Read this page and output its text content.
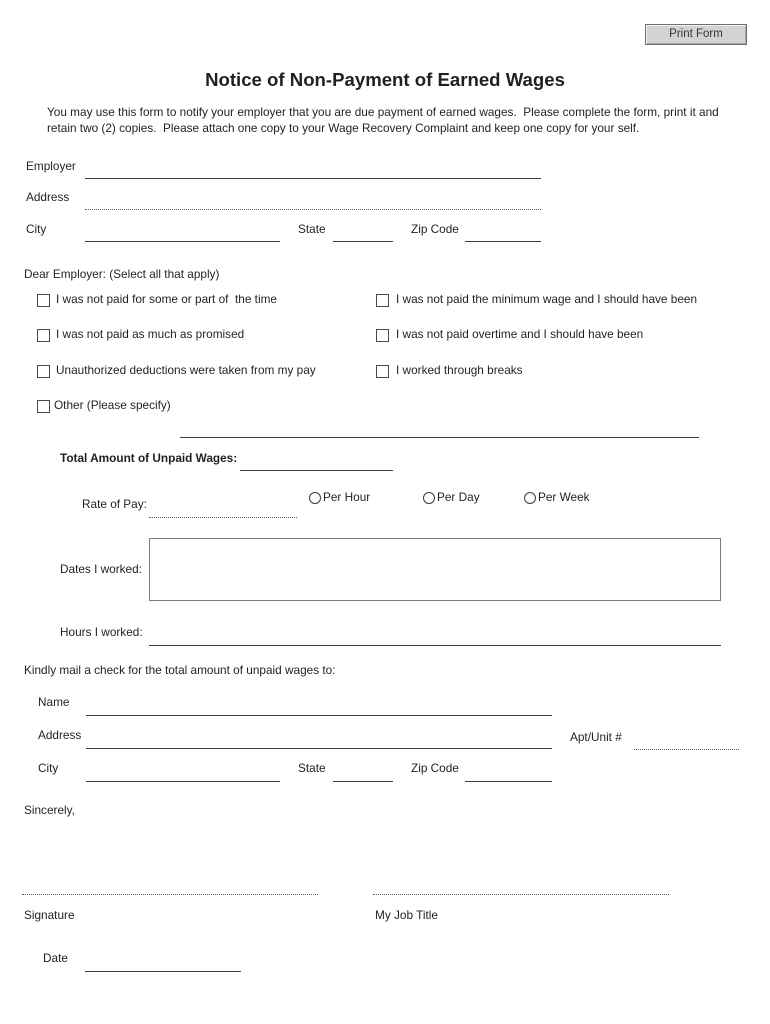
Print Form
Notice of Non-Payment of Earned Wages
You may use this form to notify your employer that you are due payment of earned wages.  Please complete the form, print it and
retain two (2) copies.  Please attach one copy to your Wage Recovery Complaint and keep one copy for your self.
Employer
Address
City	State	Zip Code
Dear Employer: (Select all that apply)
I was not paid for some or part of  the time	I was not paid the minimum wage and I should have been
I was not paid as much as promised	I was not paid overtime and I should have been
Unauthorized deductions were taken from my pay	I worked through breaks
Other (Please specify)
Total Amount of Unpaid Wages:
Rate of Pay:	Per Hour	Per Day	Per Week
Dates I worked:
Hours I worked:
Kindly mail a check for the total amount of unpaid wages to:
Name
Address	Apt/Unit #
City	State	Zip Code
Sincerely,
Signature	My Job Title
Date
